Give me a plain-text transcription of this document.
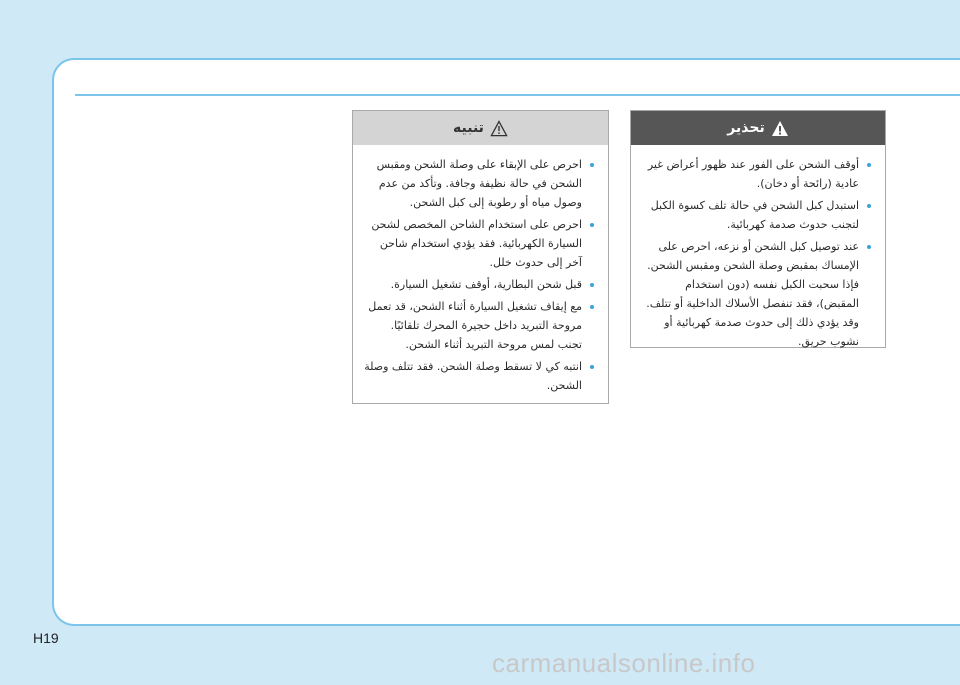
تحذير
أوقف الشحن على الفور عند ظهور أعراض غير عادية (رائحة أو دخان).
استبدل كبل الشحن في حالة تلف كسوة الكبل لتجنب حدوث صدمة كهربائية.
عند توصيل كبل الشحن أو نزعه، احرص على الإمساك بمقبض وصلة الشحن ومقبس الشحن. فإذا سحبت الكبل نفسه (دون استخدام المقبض)، فقد تنفصل الأسلاك الداخلية أو تتلف. وقد يؤدي ذلك إلى حدوث صدمة كهربائية أو نشوب حريق.
تنبيه
احرص على الإبقاء على وصلة الشحن ومقبس الشحن في حالة نظيفة وجافة. وتأكد من عدم وصول مياه أو رطوبة إلى كبل الشحن.
احرص على استخدام الشاحن المخصص لشحن السيارة الكهربائية. فقد يؤدي استخدام شاحن آخر إلى حدوث خلل.
قبل شحن البطارية، أوقف تشغيل السيارة.
مع إيقاف تشغيل السيارة أثناء الشحن، قد تعمل مروحة التبريد داخل حجيرة المحرك تلقائيًا. تجنب لمس مروحة التبريد أثناء الشحن.
انتبه كي لا تسقط وصلة الشحن. فقد تتلف وصلة الشحن.
H19
carmanualsonline.info
